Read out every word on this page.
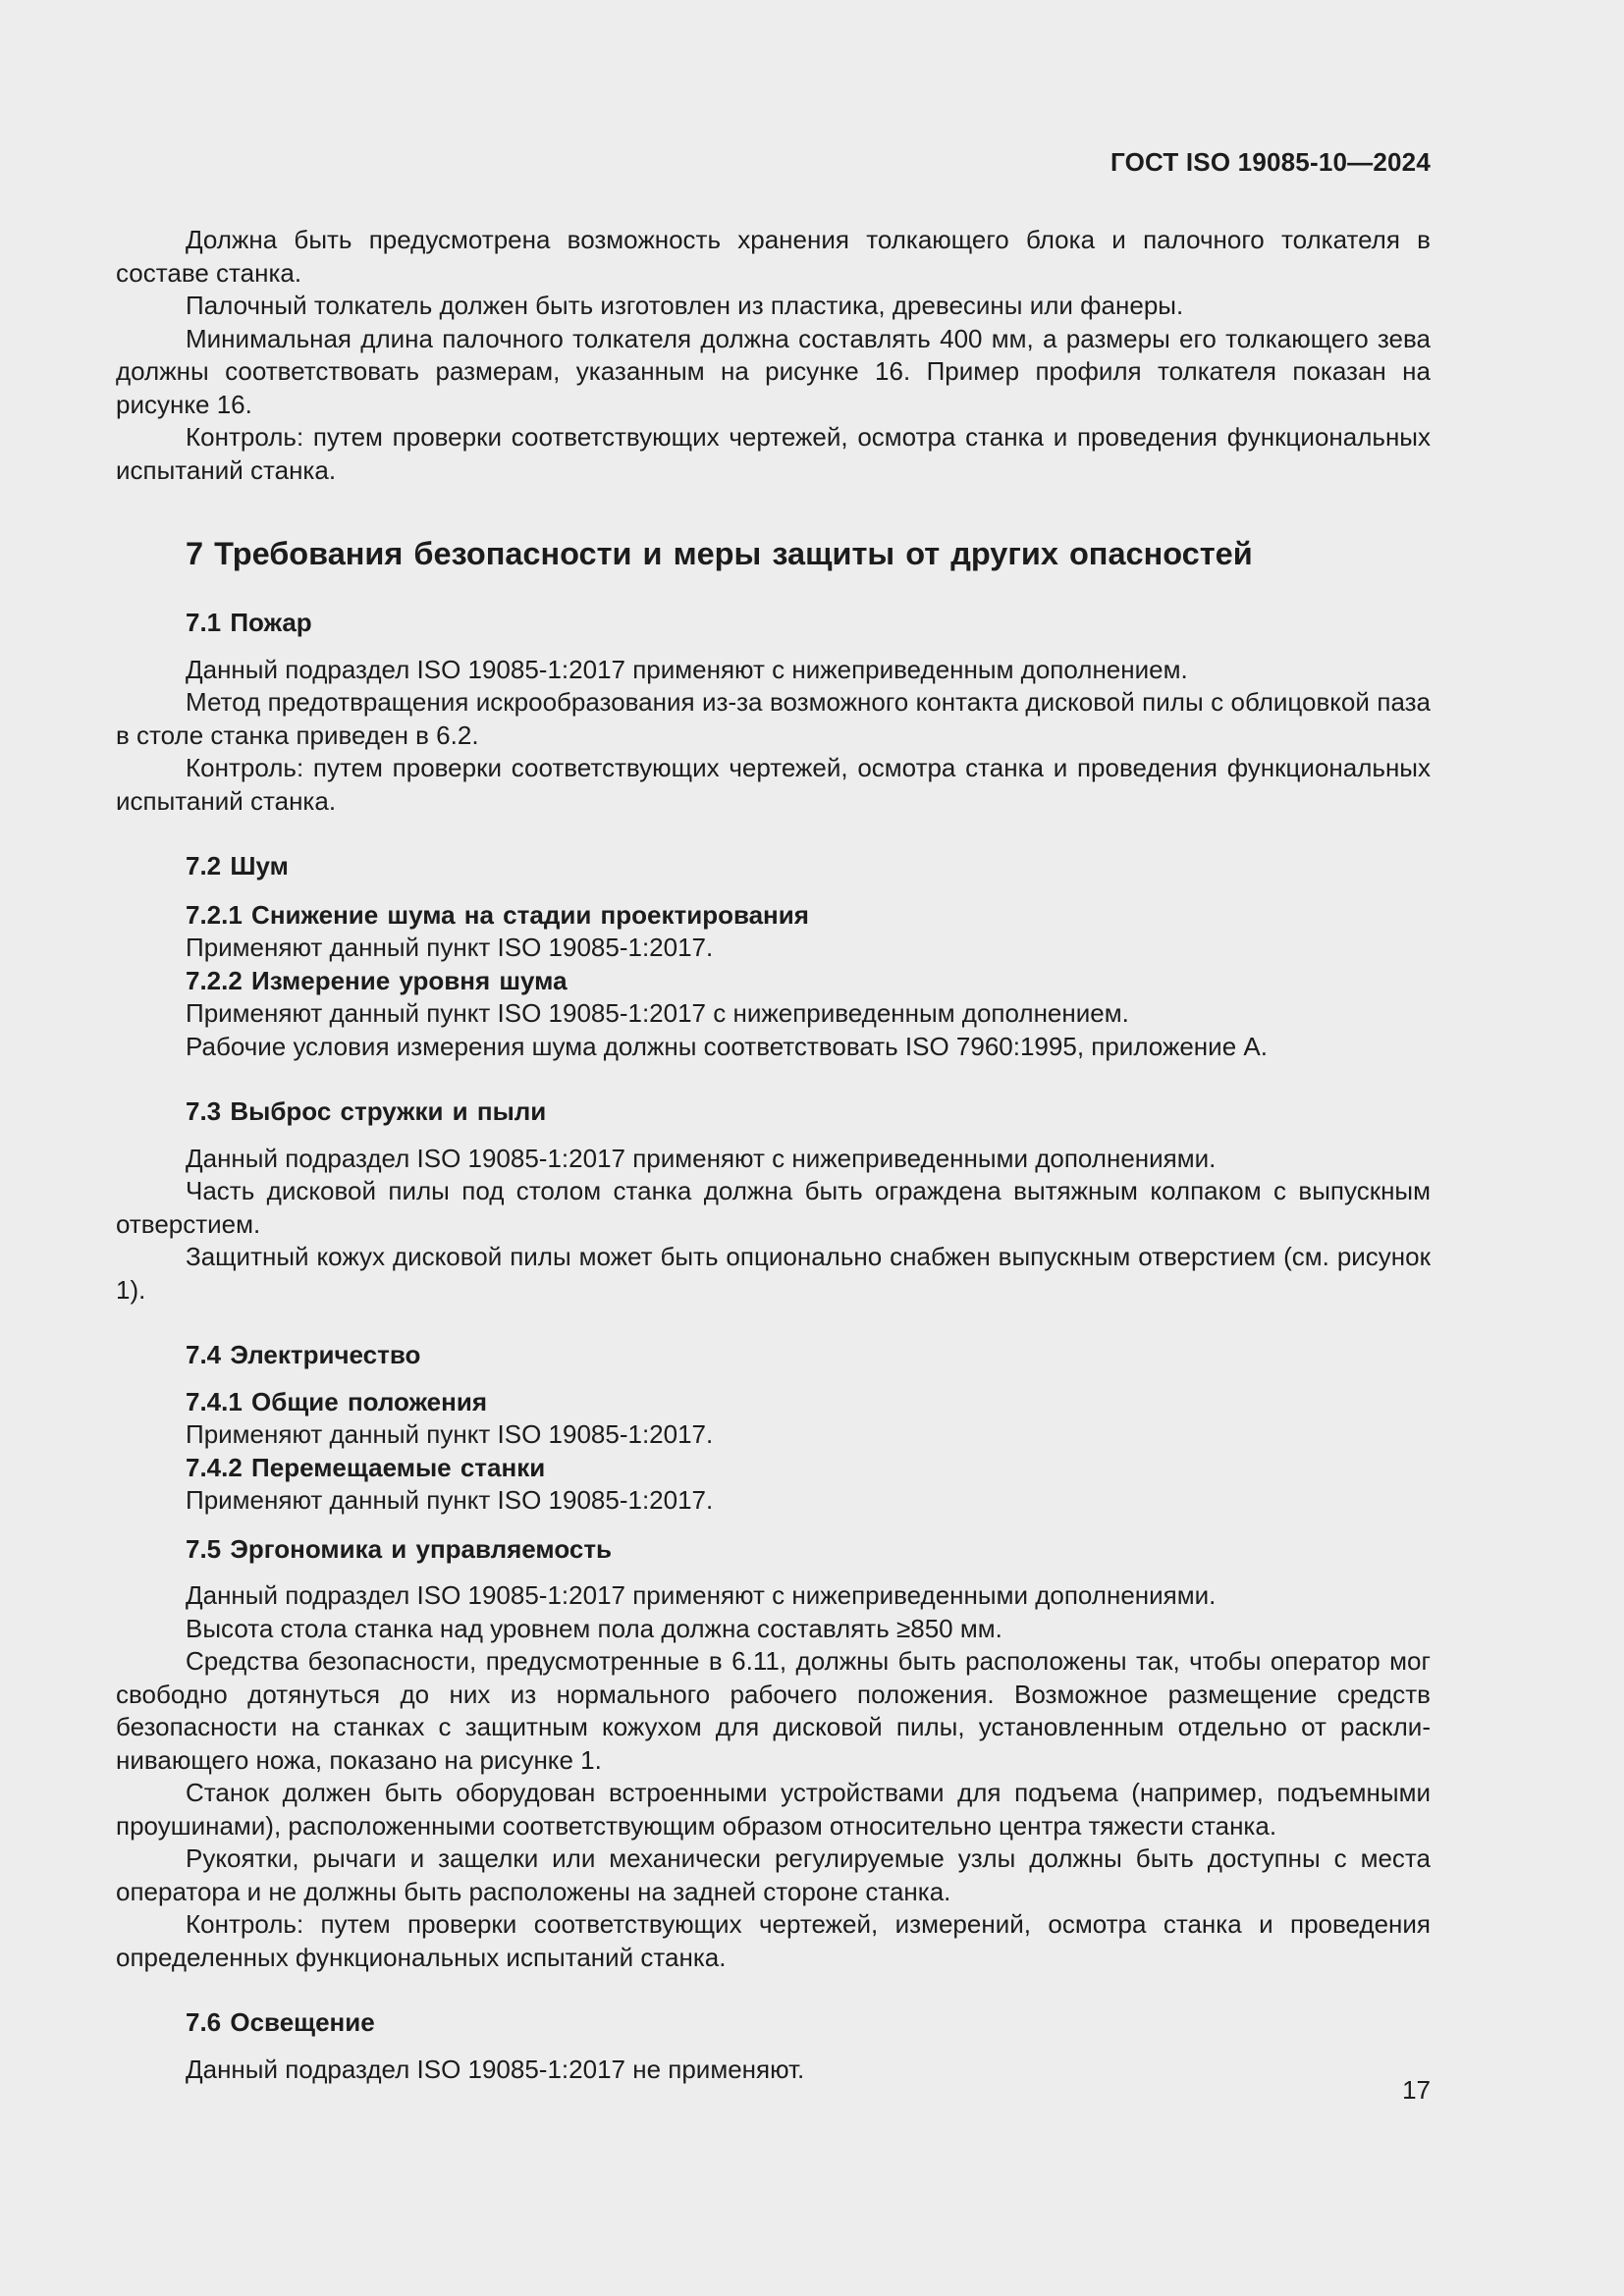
ГОСТ ISO 19085-10—2024

Должна быть предусмотрена возможность хранения толкающего блока и палочного толкателя в составе станка.

Палочный толкатель должен быть изготовлен из пластика, древесины или фанеры.

Минимальная длина палочного толкателя должна составлять 400 мм, а размеры его толкающего зева должны соответствовать размерам, указанным на рисунке 16. Пример профиля толкателя показан на рисунке 16.

Контроль: путем проверки соответствующих чертежей, осмотра станка и проведения функциональных испытаний станка.

7 Требования безопасности и меры защиты от других опасностей
7.1 Пожар

Данный подраздел ISO 19085-1:2017 применяют с нижеприведенным дополнением.

Метод предотвращения искрообразования из-за возможного контакта дисковой пилы с облицовкой паза в столе станка приведен в 6.2.

Контроль: путем проверки соответствующих чертежей, осмотра станка и проведения функциональных испытаний станка.

7.2 Шум
7.2.1 Снижение шума на стадии проектирования

Применяют данный пункт ISO 19085-1:2017.

7.2.2 Измерение уровня шума

Применяют данный пункт ISO 19085-1:2017 с нижеприведенным дополнением.

Рабочие условия измерения шума должны соответствовать ISO 7960:1995, приложение А.

7.3 Выброс стружки и пыли

Данный подраздел ISO 19085-1:2017 применяют с нижеприведенными дополнениями.

Часть дисковой пилы под столом станка должна быть ограждена вытяжным колпаком с выпускным отверстием.

Защитный кожух дисковой пилы может быть опционально снабжен выпускным отверстием (см. рисунок 1).

7.4 Электричество
7.4.1 Общие положения

Применяют данный пункт ISO 19085-1:2017.

7.4.2 Перемещаемые станки

Применяют данный пункт ISO 19085-1:2017.

7.5 Эргономика и управляемость

Данный подраздел ISO 19085-1:2017 применяют с нижеприведенными дополнениями.

Высота стола станка над уровнем пола должна составлять ≥850 мм.

Средства безопасности, предусмотренные в 6.11, должны быть расположены так, чтобы оператор мог свободно дотянуться до них из нормального рабочего положения. Возможное размещение средств безопасности на станках с защитным кожухом для дисковой пилы, установленным отдельно от расклинивающего ножа, показано на рисунке 1.

Станок должен быть оборудован встроенными устройствами для подъема (например, подъемными проушинами), расположенными соответствующим образом относительно центра тяжести станка.

Рукоятки, рычаги и защелки или механически регулируемые узлы должны быть доступны с места оператора и не должны быть расположены на задней стороне станка.

Контроль: путем проверки соответствующих чертежей, измерений, осмотра станка и проведения определенных функциональных испытаний станка.

7.6 Освещение

Данный подраздел ISO 19085-1:2017 не применяют.

17
